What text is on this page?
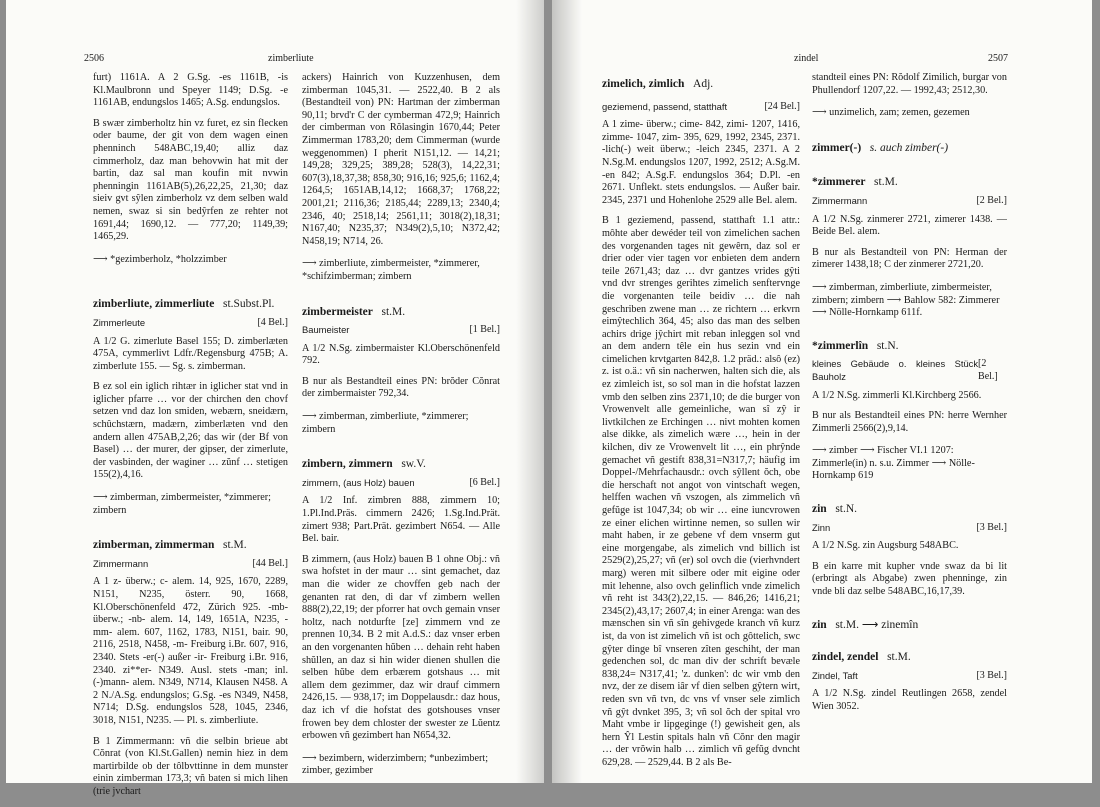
2506	zimberliute

furt) 1161A. A 2 G.Sg. -es 1161B, -is Kl.Maulbronn und Speyer 1149; D.Sg. -e 1161AB, endungslos 1465; A.Sg. endungslos.

B swær zimberholtz hin vz furet, ez sin flecken oder baume, der git von dem wagen einen phenninch 548ABC,19,40; alliz daz cimmerholz, daz man behovwin hat mit der bartin, daz sal man koufin mit nvwin phenningin 1161AB(5),26,22,25, 21,30; daz sieiv gvt sŷlen zimberholz vz dem selben wald nemen, swaz si sin bedŷrfen ze rehter not 1691,44; 1690,12. — 777,20; 1149,39; 1465,29.

⟶ *gezimberholz, *holzzimber

zimberliute, zimmerliute st.Subst.Pl.
Zimmerleute	[4 Bel.]

A 1/2 G. zimerlute Basel 155; D. zimberlæten 475A, cymmerlivt Ldfr./Regensburg 475B; A. zimberlute 155. — Sg. s. zimberman.

B ez sol ein iglich rihtær in iglicher stat vnd in iglicher pfarre … vor der chirchen den chovf setzen vnd daz lon smiden, webærn, sneidærn, schûchstærn, madærn, zimberlæten vnd den andern allen 475AB,2,26; das wir (der Bf von Basel) … der murer, der gipser, der zimerlute, der vasbinden, der waginer … zŭnf … stetigen 155(2),4,16.

⟶ zimberman, zimbermeister, *zimmerer; zimbern

zimberman, zimmerman st.M.
Zimmermann	[44 Bel.]

A 1 z- überw.; c- alem. 14, 925, 1670, 2289, N151, N235, österr. 90, 1668, Kl.Oberschönenfeld 472, Zürich 925. -mb- überw.; -nb- alem. 14, 149, 1651A, N235, -mm- alem. 607, 1162, 1783, N151, bair. 90, 2116, 2518, N458, -m- Freiburg i.Br. 607, 916, 2340. Stets -er(-) außer -ir- Freiburg i.Br. 916, 2340. zi**er- N349. Ausl. stets -man; inl. (-)mann- alem. N349, N714, Klausen N458. A 2 N./A.Sg. endungslos; G.Sg. -es N349, N458, N714; D.Sg. endungslos 528, 1045, 2346, 3018, N151, N235. — Pl. s. zimberliute.

B 1 Zimmermann: vñ die selbin brieue abt Cŏnrat (von Kl.St.Gallen) nemin hiez in dem martirbilde ob der tôlbvttinne in dem munster einin zimberman 173,3; vñ baten si mich lihen (trie jvchart

ackers) Hainrich von Kuzzenhusen, dem zimberman 1045,31. — 2522,40. B 2 als (Bestandteil von) PN: Hartman der zimberman 90,11; brvd'r C der cymberman 472,9; Hainrich der cimberman von Rŏlasingin 1670,44; Peter Zimmerman 1783,20; dem Cimmerman (wurde weggenommen) I pherit N151,12. — 14,21; 149,28; 329,25; 389,28; 528(3), 14,22,31; 607(3),18,37,38; 858,30; 916,16; 925,6; 1162,4; 1264,5; 1651AB,14,12; 1668,37; 1768,22; 2001,21; 2116,36; 2185,44; 2289,13; 2340,4; 2346, 40; 2518,14; 2561,11; 3018(2),18,31; N167,40; N235,37; N349(2),5,10; N372,42; N458,19; N714, 26.

⟶ zimberliute, zimbermeister, *zimmerer, *schifzimberman; zimbern

zimbermeister st.M.
Baumeister	[1 Bel.]

A 1/2 N.Sg. zimbermaister Kl.Oberschönenfeld 792.

B nur als Bestandteil eines PN: brŏder Cŏnrat der zimbermaister 792,34.

⟶ zimberman, zimberliute, *zimmerer; zimbern

zimbern, zimmern sw.V.
zimmern, (aus Holz) bauen	[6 Bel.]

A 1/2 Inf. zimbren 888, zimmern 10; 1.Pl.Ind.Präs. cimmern 2426; 1.Sg.Ind.Prät. zimert 938; Part.Prät. gezimbert N654. — Alle Bel. bair.

B zimmern, (aus Holz) bauen B 1 ohne Obj.: vñ swa hofstet in der maur … sint gemachet, daz man die wider ze chovffen geb nach der genanten rat den, di dar vf zimbern wellen 888(2),22,19; der pforrer hat ovch gemain vnser holtz, nach notdurfte [ze] zimmern vnd ze prennen 10,34. B 2 mit A.d.S.: daz vnser erben an den vorgenanten hŭben … dehain reht haben shŭllen, an daz si hin wider dienen shullen die selben hŭbe dem erbærem gotshaus … mit allem dem gezimmer, daz wir drauf cimmern 2426,15. — 938,17; im Doppelausdr.: daz hous, daz ich vf die hofstat des gotshouses vnser frowen bey dem chloster der swester ze Lŭentz erbowen vñ gezimbert han N654,32.

⟶ bezimbern, widerzimbern; *unbezimbert; zimber, gezimber

zindel	2507
zimelich, zimlich Adj.
geziemend, passend, statthaft	[24 Bel.]

A 1 zime- überw.; cime- 842, zimi- 1207, 1416, zimme- 1047, zim- 395, 629, 1992, 2345, 2371. -lich(-) weit überw.; -leich 2345, 2371. A 2 N.Sg.M. endungslos 1207, 1992, 2512; A.Sg.M. -en 842; A.Sg.F. endungslos 364; D.Pl. -en 2671. Unflekt. stets endungslos. — Außer bair. 2345, 2371 und Hohenlohe 2529 alle Bel. alem.

B 1 geziemend, passend, statthaft 1.1 attr.: môhte aber dewéder teil von zimelichen sachen des vorgenanden tages nit gewêrn, daz sol er drier oder vier tagen vor enbieten dem andern teile 2671,43; daz … dvr gantzes vrides gŷti vnd dvr strenges gerihtes zimelich senftervnge die vorgenanten teile beidiv … die nah geschriben zwene man … ze richtern … erkvrn eimŷtechlich 364, 45; also das man des selben achirs drige jŷchirt mit reban inleggen sol vnd an dem andern têle ein hus sezin vnd ein cimelichen krvtgarten 842,8. 1.2 präd.: alsô (ez) z. ist o.ä.: vñ sin nacherwen, halten sich die, als ez zimleich ist, so sol man in die hofstat lazzen vmb den selben zins 2371,10; de die burger von Vrowenvelt alle gemeinliche, wan sî zŷ ir livtkilchen ze Erchingen … nivt mohten komen alse dikke, als zimelich wære …, hein in der kilchen, div ze Vrowenvelt lit …, ein phrŷnde gemachet vñ gestift 838,31=N317,7; häufig im Doppel-/Mehrfachausdr.: ovch sŷllent ŏch, obe die herschaft not angot von vintschaft wegen, helffen wachen vñ vszogen, als zimmelich vñ gefŭge ist 1047,34; ob wir … eine iuncvrowen ze einer elichen wirtinne nemen, so sullen wir maht haben, ir ze gebene vf dem vnserm gut eine morgengabe, als zimelich vnd billich ist 2529(2),25,27; vñ (er) sol ovch die (vierhvndert marg) weren mit silbere oder mit eigine oder mit lehenne, also ovch gelinflich vnde zimelich vñ reht ist 343(2),22,15. — 846,26; 1416,21; 2345(2),43,17; 2607,4; in einer Arenga: wan des mænschen sin vñ sîn gehivgede kranch vñ kurz ist, da von ist zimelich vñ ist och gôttelich, swc gŷter dinge bî vnseren zîten geschiht, der man gedenchen sol, dc man div der schrift bevæle 838,24= N317,41; 'z. dunken': dc wir vmb den nvz, der ze disem iâr vf dien selben gŷtern wirt, reden svn vñ tvn, dc vns vf vnser sele zimlich vñ gŷt dvnket 395, 3; vñ sol ŏch der spital vro Maht vmbe ir lipgeginge (!) gewisheit gen, als hern Ŷl Lestin spitals haln vñ Cŏnr den magir … der vrŏwin halb … zimlich vñ gefŭg dvncht 629,28. — 2529,44. B 2 als Be-

standteil eines PN: Rŏdolf Zimilich, burgar von Phullendorf 1207,22. — 1992,43; 2512,30.

⟶ unzimelich, zam; zemen, gezemen

zimmer(-) s. auch zimber(-)
*zimmerer st.M.
Zimmermann	[2 Bel.]

A 1/2 N.Sg. zinmerer 2721, zimerer 1438. — Beide Bel. alem.

B nur als Bestandteil von PN: Herman der zimerer 1438,18; C der zinmerer 2721,20.

⟶ zimberman, zimberliute, zimbermeister, zimbern; zimbern ⟶ Bahlow 582: Zimmerer ⟶ Nölle-Hornkamp 611f.

*zimmerlîn st.N.
kleines Gebäude o. kleines Stück Bauholz
[2 Bel.]

A 1/2 N.Sg. zimmerli Kl.Kirchberg 2566.

B nur als Bestandteil eines PN: herre Wernher Zimmerli 2566(2),9,14.

⟶ zimber ⟶ Fischer VI.1 1207: Zimmerle(in) n. s.u. Zimmer ⟶ Nölle-Hornkamp 619

zin st.N.
Zinn	[3 Bel.]

A 1/2 N.Sg. zin Augsburg 548ABC.

B ein karre mit kupher vnde swaz da bi lit (erbringt als Abgabe) zwen phenninge, zin vnde bli daz selbe 548ABC,16,17,39.

zin st.M. ⟶ zinemîn
zindel, zendel st.M.
Zindel, Taft	[3 Bel.]

A 1/2 N.Sg. zindel Reutlingen 2658, zendel Wien 3052.
